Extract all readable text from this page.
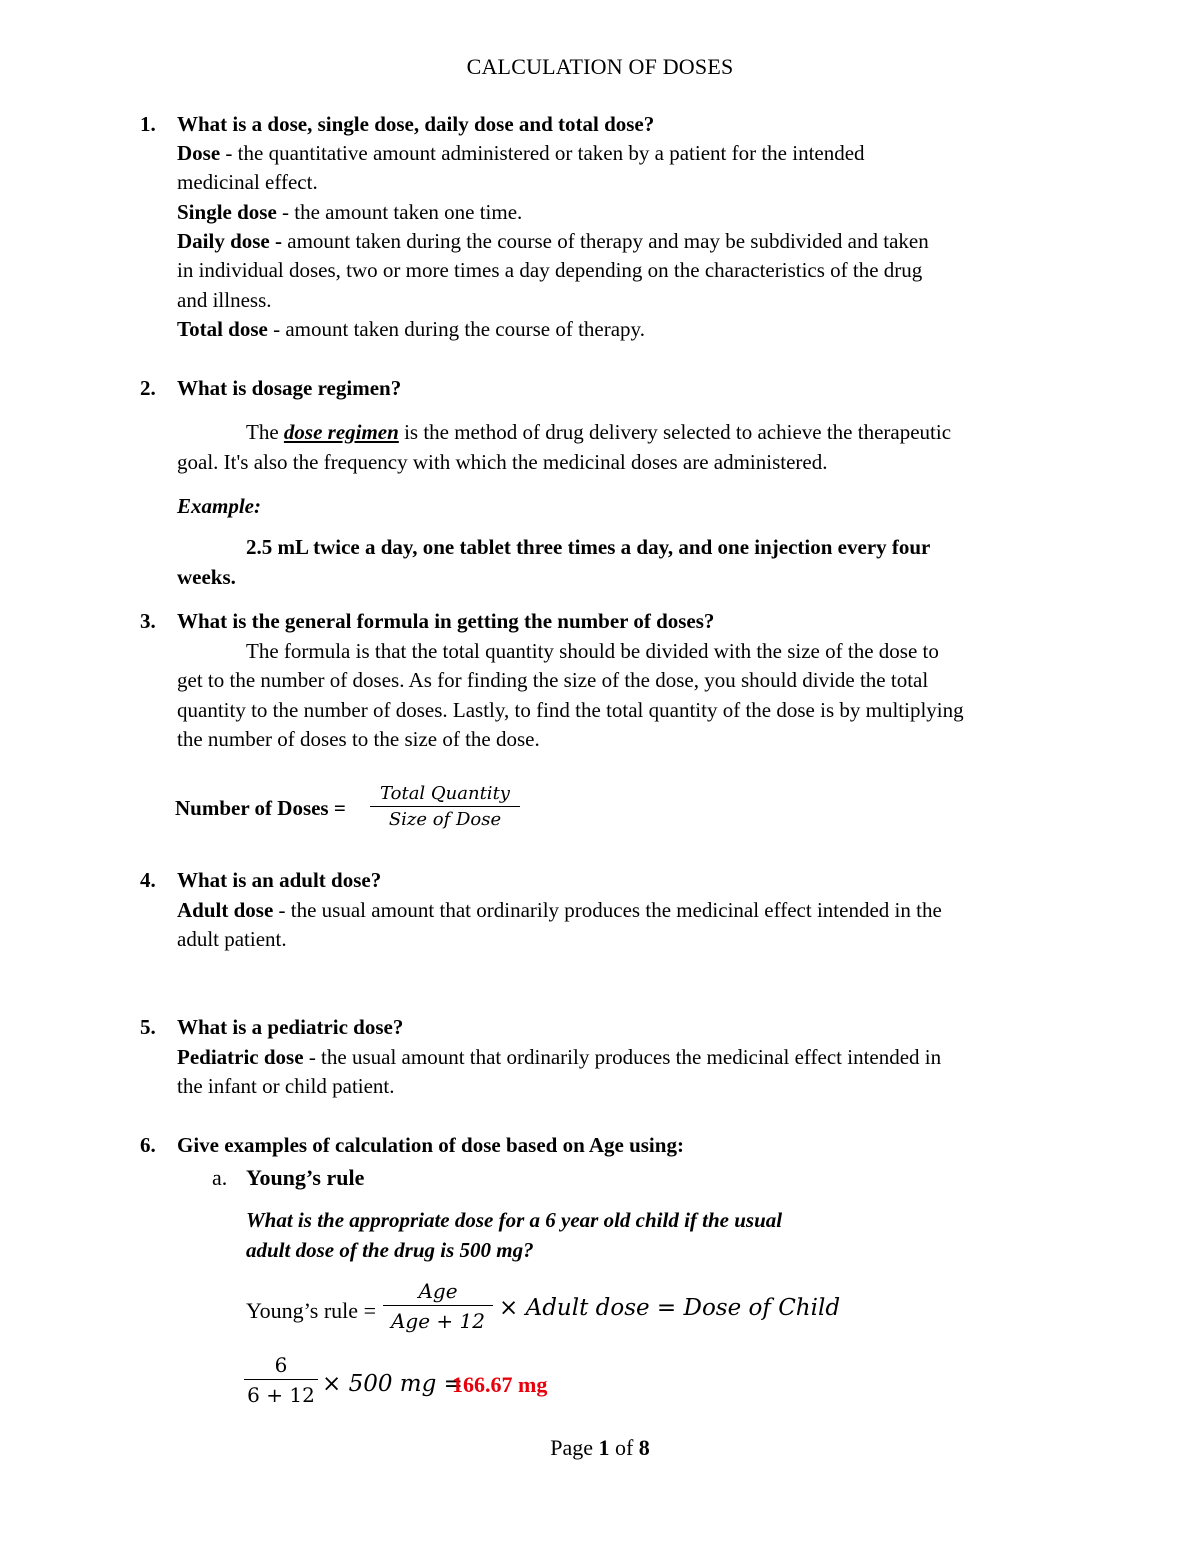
CALCULATION OF DOSES
1. What is a dose, single dose, daily dose and total dose?
Dose - the quantitative amount administered or taken by a patient for the intended
medicinal effect.
Single dose - the amount taken one time.
Daily dose - amount taken during the course of therapy and may be subdivided and taken
in individual doses, two or more times a day depending on the characteristics of the drug
and illness.
Total dose - amount taken during the course of therapy.
2. What is dosage regimen?
The dose regimen is the method of drug delivery selected to achieve the therapeutic
goal. It's also the frequency with which the medicinal doses are administered.
Example:
2.5 mL twice a day, one tablet three times a day, and one injection every four
weeks.
3. What is the general formula in getting the number of doses?
The formula is that the total quantity should be divided with the size of the dose to
get to the number of doses. As for finding the size of the dose, you should divide the total
quantity to the number of doses. Lastly, to find the total quantity of the dose is by multiplying
the number of doses to the size of the dose.
Number of Doses =
Total Quantity
Size of Dose
4. What is an adult dose?
Adult dose - the usual amount that ordinarily produces the medicinal effect intended in the
adult patient.
5. What is a pediatric dose?
Pediatric dose - the usual amount that ordinarily produces the medicinal effect intended in
the infant or child patient.
6. Give examples of calculation of dose based on Age using:
a. Young’s rule
What is the appropriate dose for a 6 year old child if the usual
adult dose of the drug is 500 mg?
Young’s rule =
Age
Age + 12 × Adult dose = Dose of Child
6
6 + 12 × 500 mg =
166.67 mg
Page 1 of 8
